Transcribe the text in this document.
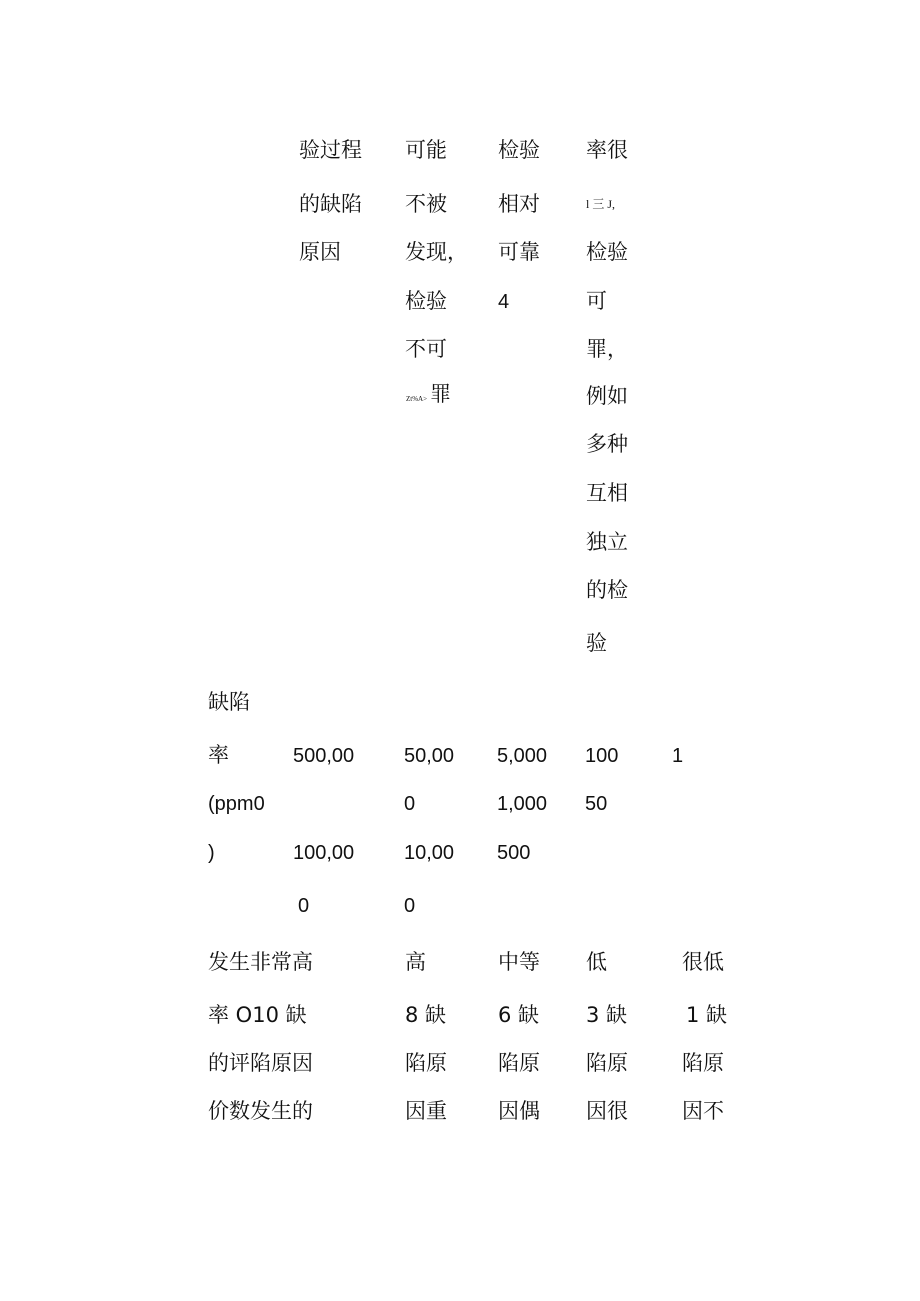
验过程
的缺陷
原因
可能
不被
发现，
检验
不可
Zt%A> 罪
检验
相对
可靠
4
率很
l 三 J,
检验
可
罪，
例如
多种
互相
独立
的检
验
缺陷
率
(ppm0
)
500,00
100,00
0
50,00
0
10,00
0
5,000
1,000
500
100
50
1
发生非常高
率 O10 缺
的评陷原因
价数发生的
高
8 缺
陷原
因重
中等
6 缺
陷原
因偶
低
3 缺
陷原
因很
很低
1 缺
陷原
因不
